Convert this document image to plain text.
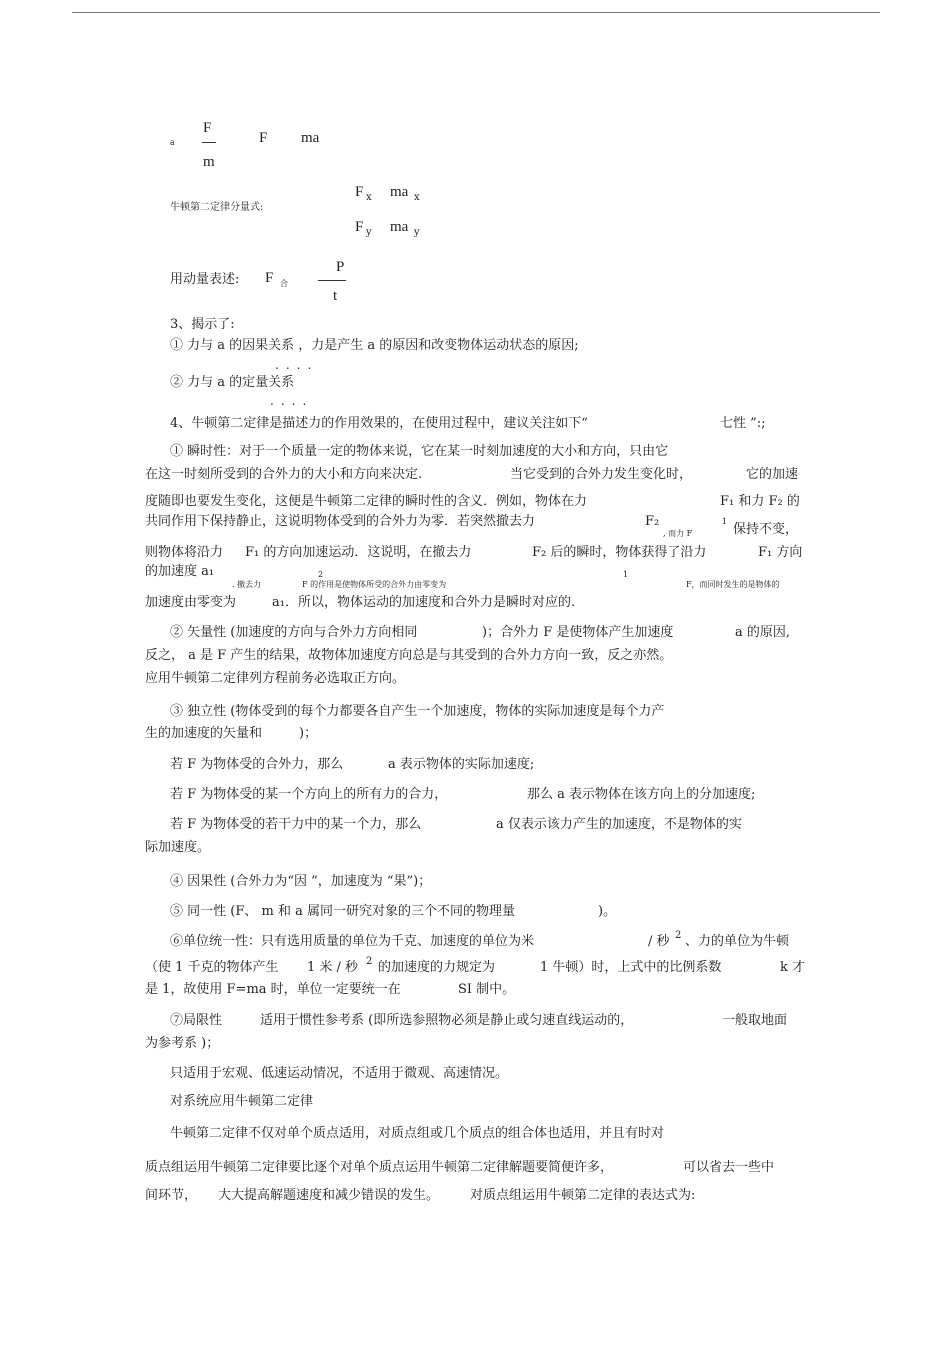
a
F
m
F ma
牛顿第二定律分量式:
F x ma x
F y ma y
用动量表述: F 合
P
t
3、揭示了:
① 力与 a 的因果关系 ，力是产生 a 的原因和改变物体运动状态的原因;
....
② 力与 a 的定量关系
....
4、牛顿第二定律是描述力的作用效果的，在使用过程中，建议关注如下“	七性 ”:;
① 瞬时性：对于一个质量一定的物体来说，它在某一时刻加速度的大小和方向，只由它
在这一时刻所受到的合外力的大小和方向来决定.	当它受到的合外力发生变化时，	它的加速
度随即也要发生变化，这便是牛顿第二定律的瞬时性的含义．例如，物体在力	F₁ 和力 F₂ 的
共同作用下保持静止，这说明物体受到的合外力为零．若突然撤去力	F₂
, 而力 F
1
保持不变，
则物体将沿力 F₁ 的方向加速运动．这说明，在撤去力	F₂ 后的瞬时，物体获得了沿力	F₁ 方向
的加速度 a₁	2
. 撤去力	F 的作用是使物体所受的合外力由零变为
1
F，而同时发生的是物体的
加速度由零变为	a₁．所以，物体运动的加速度和合外力是瞬时对应的.
② 矢量性 (加速度的方向与合外力方向相同	)；合外力 F 是使物体产生加速度	a 的原因,
反之， a 是 F 产生的结果，故物体加速度方向总是与其受到的合外力方向一致，反之亦然。
应用牛顿第二定律列方程前务必选取正方向。
③ 独立性 (物体受到的每个力都要各自产生一个加速度，物体的实际加速度是每个力产
生的加速度的矢量和	)；
若 F 为物体受的合外力，那么	a 表示物体的实际加速度;
若 F 为物体受的某一个方向上的所有力的合力，	那么 a 表示物体在该方向上的分加速度;
若 F 为物体受的若干力中的某一个力，那么	a 仅表示该力产生的加速度，不是物体的实
际加速度。
④ 因果性 (合外力为“因 ”，加速度为 “果”)；
⑤ 同一性 (F、 m 和 a 属同一研究对象的三个不同的物理量	)。
⑥单位统一性：只有选用质量的单位为千克、加速度的单位为米	/ 秒 2 、力的单位为牛顿
（使 1 千克的物体产生 1 米 / 秒 2 的加速度的力规定为	1 牛顿）时，上式中的比例系数	k 才
是 1，故使用 F=ma 时，单位一定要统一在	SI 制中。
⑦局限性	适用于惯性参考系 (即所选参照物必须是静止或匀速直线运动的，	一般取地面
为参考系 )；
只适用于宏观、低速运动情况，不适用于微观、高速情况。
对系统应用牛顿第二定律
牛顿第二定律不仅对单个质点适用，对质点组或几个质点的组合体也适用，并且有时对
质点组运用牛顿第二定律要比逐个对单个质点运用牛顿第二定律解题要简便许多，	可以省去一些中
间环节， 大大提高解题速度和减少错误的发生。 对质点组运用牛顿第二定律的表达式为:
